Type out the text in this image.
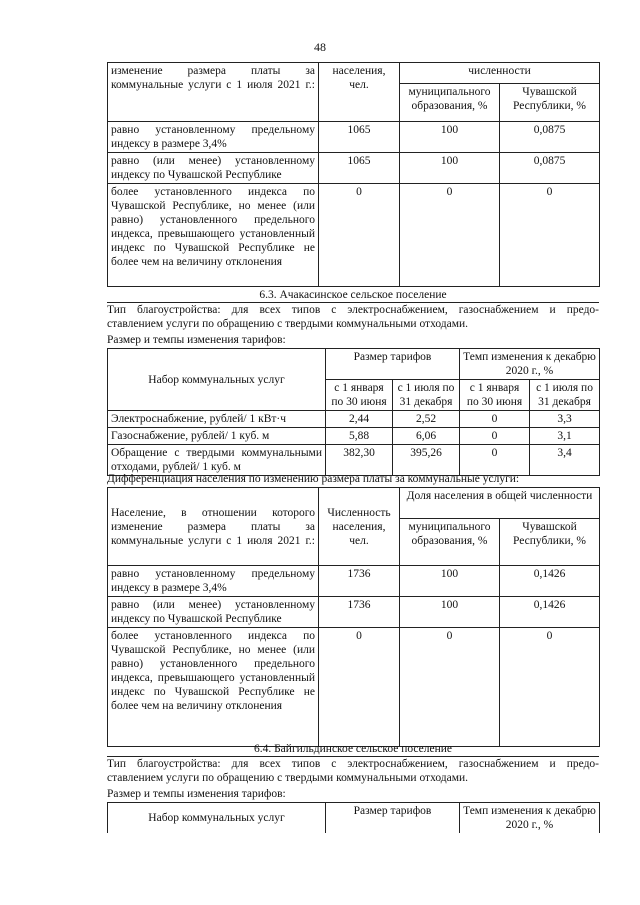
48
изменение размера платы за коммунальные услуги с 1 июля 2021 г.:	населения, чел.	численности	
		муниципального образования, %	Чувашской Республики, %
равно установленному предельному индексу в размере 3,4%	1065	100	0,0875
равно (или менее) установленному индексу по Чувашской Республике	1065	100	0,0875
более установленного индекса по Чувашской Республике, но менее (или равно) установленного предельного индекса, превышающего установленный индекс по Чувашской Республике не более чем на величину отклонения	0	0	0
6.3. Ачакасинское сельское поселение
Тип благоустройства: для всех типов с электроснабжением, газоснабжением и предо-
ставлением услуги по обращению с твердыми коммунальными отходами.
Размер и темпы изменения тарифов:
Набор коммунальных услуг	Размер тарифов		Темп изменения к декабрю 2020 г., %	
	с 1 января по 30 июня	с 1 июля по 31 декабря	с 1 января по 30 июня	с 1 июля по 31 декабря
Электроснабжение, рублей/ 1 кВт·ч	2,44	2,52	0	3,3
Газоснабжение, рублей/ 1 куб. м	5,88	6,06	0	3,1
Обращение с твердыми коммунальными отходами, рублей/ 1 куб. м	382,30	395,26	0	3,4
Дифференциация населения по изменению размера платы за коммунальные услуги:
Население, в отношении которого изменение размера платы за коммунальные услуги с 1 июля 2021 г.:	Численность населения, чел.	Доля населения в общей численности	
		муниципального образования, %	Чувашской Республики, %
равно установленному предельному индексу в размере 3,4%	1736	100	0,1426
равно (или менее) установленному индексу по Чувашской Республике	1736	100	0,1426
более установленного индекса по Чувашской Республике, но менее (или равно) установленного предельного индекса, превышающего установленный индекс по Чувашской Республике не более чем на величину отклонения	0	0	0
6.4. Байгильдинское сельское поселение
Тип благоустройства: для всех типов с электроснабжением, газоснабжением и предо-
ставлением услуги по обращению с твердыми коммунальными отходами.
Размер и темпы изменения тарифов:
Набор коммунальных услуг	Размер тарифов	Темп изменения к декабрю 2020 г., %
